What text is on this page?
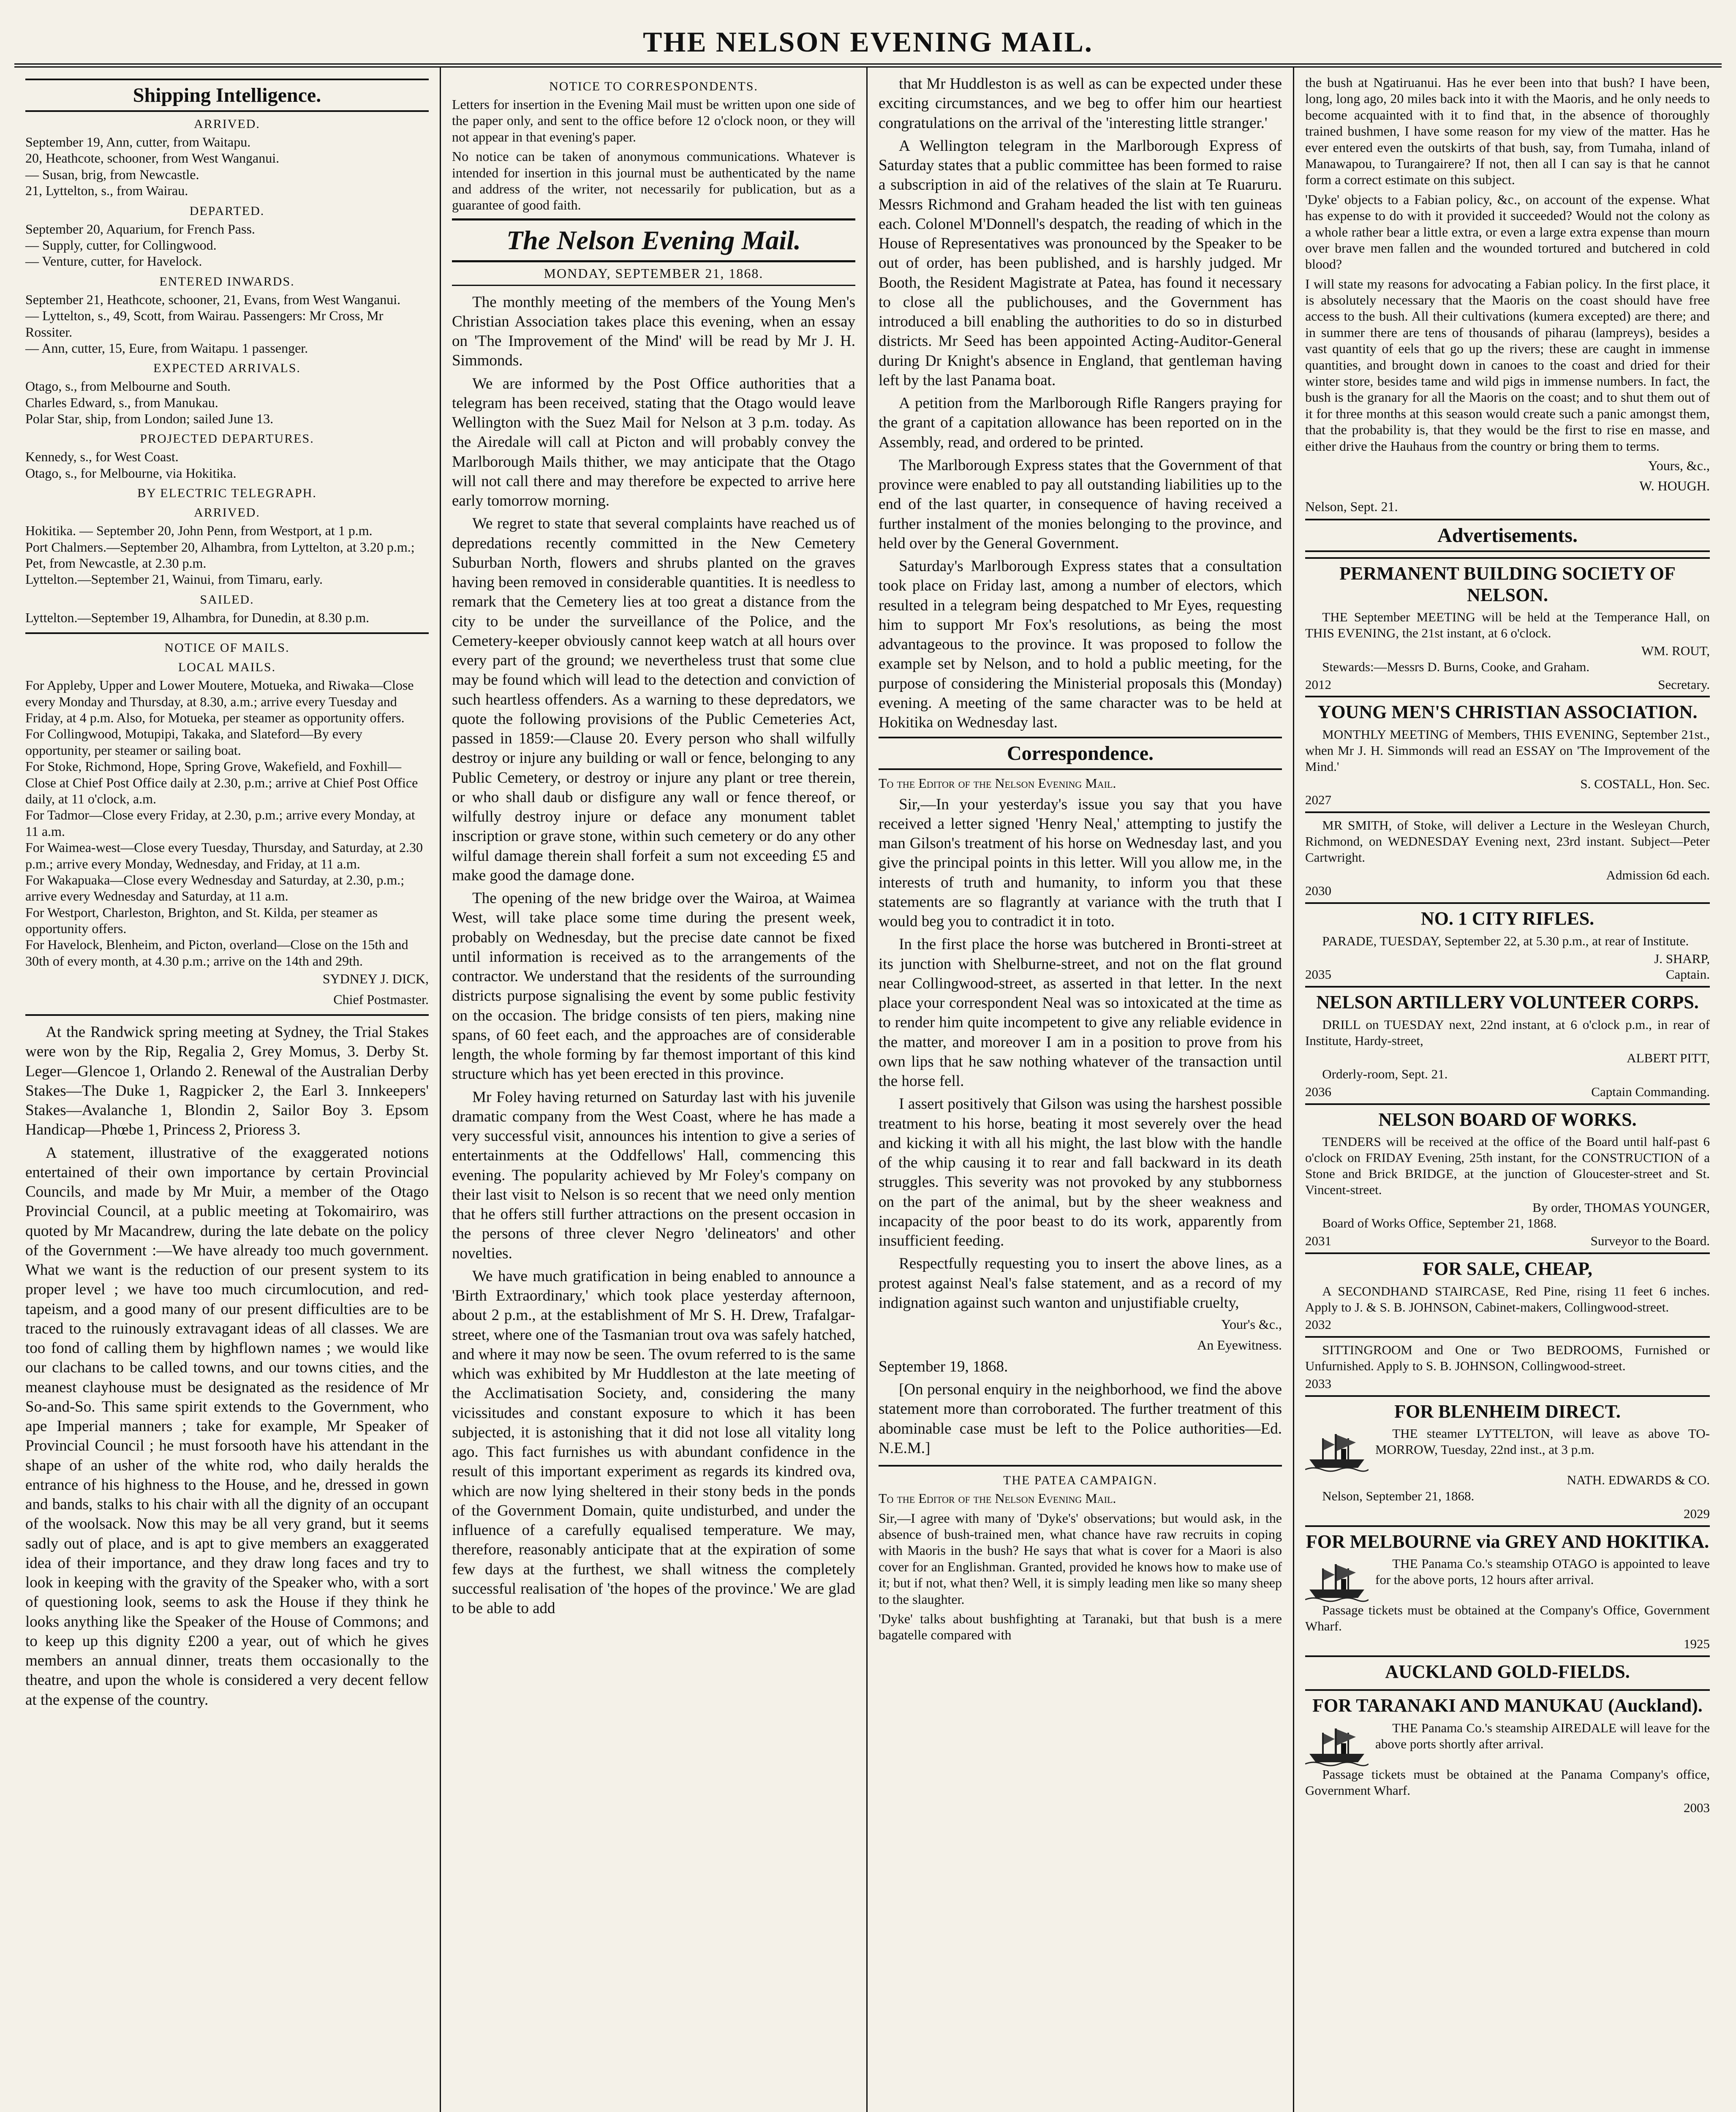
THE NELSON EVENING MAIL.
Shipping Intelligence.
ARRIVED.
September 19, Ann, cutter, from Waitapu.
20, Heathcote, schooner, from West Wanganui.
— Susan, brig, from Newcastle.
21, Lyttelton, s., from Wairau.
DEPARTED.
September 20, Aquarium, for French Pass.
— Supply, cutter, for Collingwood.
— Venture, cutter, for Havelock.
ENTERED INWARDS.
September 21, Heathcote, schooner, 21, Evans, from West Wanganui.
— Lyttelton, s., 49, Scott, from Wairau. Passengers: Mr Cross, Mr Rossiter.
— Ann, cutter, 15, Eure, from Waitapu. 1 passenger.
EXPECTED ARRIVALS.
Otago, s., from Melbourne and South.
Charles Edward, s., from Manukau.
Polar Star, ship, from London; sailed June 13.
PROJECTED DEPARTURES.
Kennedy, s., for West Coast.
Otago, s., for Melbourne, via Hokitika.
BY ELECTRIC TELEGRAPH.
ARRIVED.
Hokitika. — September 20, John Penn, from Westport, at 1 p.m.
Port Chalmers.—September 20, Alhambra, from Lyttelton, at 3.20 p.m.; Pet, from Newcastle, at 2.30 p.m.
Lyttelton.—September 21, Wainui, from Timaru, early.
SAILED.
Lyttelton.—September 19, Alhambra, for Dunedin, at 8.30 p.m.
NOTICE OF MAILS.
LOCAL MAILS.
For Appleby, Upper and Lower Moutere, Motueka, and Riwaka—Close every Monday and Thursday, at 8.30, a.m.; arrive every Tuesday and Friday, at 4 p.m. Also, for Motueka, per steamer as opportunity offers.
For Collingwood, Motupipi, Takaka, and Slateford—By every opportunity, per steamer or sailing boat.
For Stoke, Richmond, Hope, Spring Grove, Wakefield, and Foxhill—Close at Chief Post Office daily at 2.30, p.m.; arrive at Chief Post Office daily, at 11 o'clock, a.m.
For Tadmor—Close every Friday, at 2.30, p.m.; arrive every Monday, at 11 a.m.
For Waimea-west—Close every Tuesday, Thursday, and Saturday, at 2.30 p.m.; arrive every Monday, Wednesday, and Friday, at 11 a.m.
For Wakapuaka—Close every Wednesday and Saturday, at 2.30, p.m.; arrive every Wednesday and Saturday, at 11 a.m.
For Westport, Charleston, Brighton, and St. Kilda, per steamer as opportunity offers.
For Havelock, Blenheim, and Picton, overland—Close on the 15th and 30th of every month, at 4.30 p.m.; arrive on the 14th and 29th.
SYDNEY J. DICK,
Chief Postmaster.

At the Randwick spring meeting at Sydney, the Trial Stakes were won by the Rip, Regalia 2, Grey Momus, 3. Derby St. Leger—Glencoe 1, Orlando 2. Renewal of the Australian Derby Stakes—The Duke 1, Ragpicker 2, the Earl 3. Innkeepers' Stakes—Avalanche 1, Blondin 2, Sailor Boy 3. Epsom Handicap—Phœbe 1, Princess 2, Prioress 3.

A statement, illustrative of the exaggerated notions entertained of their own importance by certain Provincial Councils, and made by Mr Muir, a member of the Otago Provincial Council, at a public meeting at Tokomairiro, was quoted by Mr Macandrew, during the late debate on the policy of the Government :—We have already too much government. What we want is the reduction of our present system to its proper level ; we have too much circumlocution, and red-tapeism, and a good many of our present difficulties are to be traced to the ruinously extravagant ideas of all classes. We are too fond of calling them by highflown names ; we would like our clachans to be called towns, and our towns cities, and the meanest clayhouse must be designated as the residence of Mr So-and-So. This same spirit extends to the Government, who ape Imperial manners ; take for example, Mr Speaker of Provincial Council ; he must forsooth have his attendant in the shape of an usher of the white rod, who daily heralds the entrance of his highness to the House, and he, dressed in gown and bands, stalks to his chair with all the dignity of an occupant of the woolsack. Now this may be all very grand, but it seems sadly out of place, and is apt to give members an exaggerated idea of their importance, and they draw long faces and try to look in keeping with the gravity of the Speaker who, with a sort of questioning look, seems to ask the House if they think he looks anything like the Speaker of the House of Commons; and to keep up this dignity £200 a year, out of which he gives members an annual dinner, treats them occasionally to the theatre, and upon the whole is considered a very decent fellow at the expense of the country.

NOTICE TO CORRESPONDENTS.

Letters for insertion in the Evening Mail must be written upon one side of the paper only, and sent to the office before 12 o'clock noon, or they will not appear in that evening's paper.

No notice can be taken of anonymous communications. Whatever is intended for insertion in this journal must be authenticated by the name and address of the writer, not necessarily for publication, but as a guarantee of good faith.

The Nelson Evening Mail.
MONDAY, SEPTEMBER 21, 1868.

The monthly meeting of the members of the Young Men's Christian Association takes place this evening, when an essay on 'The Improvement of the Mind' will be read by Mr J. H. Simmonds.

We are informed by the Post Office authorities that a telegram has been received, stating that the Otago would leave Wellington with the Suez Mail for Nelson at 3 p.m. today. As the Airedale will call at Picton and will probably convey the Marlborough Mails thither, we may anticipate that the Otago will not call there and may therefore be expected to arrive here early tomorrow morning.

We regret to state that several complaints have reached us of depredations recently committed in the New Cemetery Suburban North, flowers and shrubs planted on the graves having been removed in considerable quantities. It is needless to remark that the Cemetery lies at too great a distance from the city to be under the surveillance of the Police, and the Cemetery-keeper obviously cannot keep watch at all hours over every part of the ground; we nevertheless trust that some clue may be found which will lead to the detection and conviction of such heartless offenders. As a warning to these depredators, we quote the following provisions of the Public Cemeteries Act, passed in 1859:—Clause 20. Every person who shall wilfully destroy or injure any building or wall or fence, belonging to any Public Cemetery, or destroy or injure any plant or tree therein, or who shall daub or disfigure any wall or fence thereof, or wilfully destroy injure or deface any monument tablet inscription or grave stone, within such cemetery or do any other wilful damage therein shall forfeit a sum not exceeding £5 and make good the damage done.

The opening of the new bridge over the Wairoa, at Waimea West, will take place some time during the present week, probably on Wednesday, but the precise date cannot be fixed until information is received as to the arrangements of the contractor. We understand that the residents of the surrounding districts purpose signalising the event by some public festivity on the occasion. The bridge consists of ten piers, making nine spans, of 60 feet each, and the approaches are of considerable length, the whole forming by far themost important of this kind structure which has yet been erected in this province.

Mr Foley having returned on Saturday last with his juvenile dramatic company from the West Coast, where he has made a very successful visit, announces his intention to give a series of entertainments at the Oddfellows' Hall, commencing this evening. The popularity achieved by Mr Foley's company on their last visit to Nelson is so recent that we need only mention that he offers still further attractions on the present occasion in the persons of three clever Negro 'delineators' and other novelties.

We have much gratification in being enabled to announce a 'Birth Extraordinary,' which took place yesterday afternoon, about 2 p.m., at the establishment of Mr S. H. Drew, Trafalgar-street, where one of the Tasmanian trout ova was safely hatched, and where it may now be seen. The ovum referred to is the same which was exhibited by Mr Huddleston at the late meeting of the Acclimatisation Society, and, considering the many vicissitudes and constant exposure to which it has been subjected, it is astonishing that it did not lose all vitality long ago. This fact furnishes us with abundant confidence in the result of this important experiment as regards its kindred ova, which are now lying sheltered in their stony beds in the ponds of the Government Domain, quite undisturbed, and under the influence of a carefully equalised temperature. We may, therefore, reasonably anticipate that at the expiration of some few days at the furthest, we shall witness the completely successful realisation of 'the hopes of the province.' We are glad to be able to add

that Mr Huddleston is as well as can be expected under these exciting circumstances, and we beg to offer him our heartiest congratulations on the arrival of the 'interesting little stranger.'

A Wellington telegram in the Marlborough Express of Saturday states that a public committee has been formed to raise a subscription in aid of the relatives of the slain at Te Ruaruru. Messrs Richmond and Graham headed the list with ten guineas each. Colonel M'Donnell's despatch, the reading of which in the House of Representatives was pronounced by the Speaker to be out of order, has been published, and is harshly judged. Mr Booth, the Resident Magistrate at Patea, has found it necessary to close all the publichouses, and the Government has introduced a bill enabling the authorities to do so in disturbed districts. Mr Seed has been appointed Acting-Auditor-General during Dr Knight's absence in England, that gentleman having left by the last Panama boat.

A petition from the Marlborough Rifle Rangers praying for the grant of a capitation allowance has been reported on in the Assembly, read, and ordered to be printed.

The Marlborough Express states that the Government of that province were enabled to pay all outstanding liabilities up to the end of the last quarter, in consequence of having received a further instalment of the monies belonging to the province, and held over by the General Government.

Saturday's Marlborough Express states that a consultation took place on Friday last, among a number of electors, which resulted in a telegram being despatched to Mr Eyes, requesting him to support Mr Fox's resolutions, as being the most advantageous to the province. It was proposed to follow the example set by Nelson, and to hold a public meeting, for the purpose of considering the Ministerial proposals this (Monday) evening. A meeting of the same character was to be held at Hokitika on Wednesday last.

Correspondence.

To the Editor of the Nelson Evening Mail.

Sir,—In your yesterday's issue you say that you have received a letter signed 'Henry Neal,' attempting to justify the man Gilson's treatment of his horse on Wednesday last, and you give the principal points in this letter. Will you allow me, in the interests of truth and humanity, to inform you that these statements are so flagrantly at variance with the truth that I would beg you to contradict it in toto.

In the first place the horse was butchered in Bronti-street at its junction with Shelburne-street, and not on the flat ground near Collingwood-street, as asserted in that letter. In the next place your correspondent Neal was so intoxicated at the time as to render him quite incompetent to give any reliable evidence in the matter, and moreover I am in a position to prove from his own lips that he saw nothing whatever of the transaction until the horse fell.

I assert positively that Gilson was using the harshest possible treatment to his horse, beating it most severely over the head and kicking it with all his might, the last blow with the handle of the whip causing it to rear and fall backward in its death struggles. This severity was not provoked by any stubborness on the part of the animal, but by the sheer weakness and incapacity of the poor beast to do its work, apparently from insufficient feeding.

Respectfully requesting you to insert the above lines, as a protest against Neal's false statement, and as a record of my indignation against such wanton and unjustifiable cruelty,

Your's &c.,
An Eyewitness.

September 19, 1868.

[On personal enquiry in the neighborhood, we find the above statement more than corroborated. The further treatment of this abominable case must be left to the Police authorities—Ed. N.E.M.]

THE PATEA CAMPAIGN.

To the Editor of the Nelson Evening Mail.

Sir,—I agree with many of 'Dyke's' observations; but would ask, in the absence of bush-trained men, what chance have raw recruits in coping with Maoris in the bush? He says that what is cover for a Maori is also cover for an Englishman. Granted, provided he knows how to make use of it; but if not, what then? Well, it is simply leading men like so many sheep to the slaughter.

'Dyke' talks about bushfighting at Taranaki, but that bush is a mere bagatelle compared with

the bush at Ngatiruanui. Has he ever been into that bush? I have been, long, long ago, 20 miles back into it with the Maoris, and he only needs to become acquainted with it to find that, in the absence of thoroughly trained bushmen, I have some reason for my view of the matter. Has he ever entered even the outskirts of that bush, say, from Tumaha, inland of Manawapou, to Turangairere? If not, then all I can say is that he cannot form a correct estimate on this subject.

'Dyke' objects to a Fabian policy, &c., on account of the expense. What has expense to do with it provided it succeeded? Would not the colony as a whole rather bear a little extra, or even a large extra expense than mourn over brave men fallen and the wounded tortured and butchered in cold blood?

I will state my reasons for advocating a Fabian policy. In the first place, it is absolutely necessary that the Maoris on the coast should have free access to the bush. All their cultivations (kumera excepted) are there; and in summer there are tens of thousands of piharau (lampreys), besides a vast quantity of eels that go up the rivers; these are caught in immense quantities, and brought down in canoes to the coast and dried for their winter store, besides tame and wild pigs in immense numbers. In fact, the bush is the granary for all the Maoris on the coast; and to shut them out of it for three months at this season would create such a panic amongst them, that the probability is, that they would be the first to rise en masse, and either drive the Hauhaus from the country or bring them to terms.

Yours, &c.,
W. HOUGH.

Nelson, Sept. 21.

Advertisements.
PERMANENT BUILDING SOCIETY OF NELSON.

THE September MEETING will be held at the Temperance Hall, on THIS EVENING, the 21st instant, at 6 o'clock.

WM. ROUT,

Stewards:—Messrs D. Burns, Cooke, and Graham.

2012	Secretary.
YOUNG MEN'S CHRISTIAN ASSOCIATION.

MONTHLY MEETING of Members, THIS EVENING, September 21st., when Mr J. H. Simmonds will read an ESSAY on 'The Improvement of the Mind.'

S. COSTALL, Hon. Sec.

2027

MR SMITH, of Stoke, will deliver a Lecture in the Wesleyan Church, Richmond, on WEDNESDAY Evening next, 23rd instant. Subject—Peter Cartwright.

Admission 6d each.

2030
NO. 1 CITY RIFLES.

PARADE, TUESDAY, September 22, at 5.30 p.m., at rear of Institute.

J. SHARP,

2035	Captain.
NELSON ARTILLERY VOLUNTEER CORPS.

DRILL on TUESDAY next, 22nd instant, at 6 o'clock p.m., in rear of Institute, Hardy-street,

ALBERT PITT,

Orderly-room, Sept. 21.

2036	Captain Commanding.
NELSON BOARD OF WORKS.

TENDERS will be received at the office of the Board until half-past 6 o'clock on FRIDAY Evening, 25th instant, for the CONSTRUCTION of a Stone and Brick BRIDGE, at the junction of Gloucester-street and St. Vincent-street.

By order, THOMAS YOUNGER,

Board of Works Office, September 21, 1868.

2031	Surveyor to the Board.
FOR SALE, CHEAP,

A SECONDHAND STAIRCASE, Red Pine, rising 11 feet 6 inches. Apply to J. & S. B. JOHNSON, Cabinet-makers, Collingwood-street.

2032

SITTINGROOM and One or Two BEDROOMS, Furnished or Unfurnished. Apply to S. B. JOHNSON, Collingwood-street.

2033
FOR BLENHEIM DIRECT.

THE steamer LYTTELTON, will leave as above TO-MORROW, Tuesday, 22nd inst., at 3 p.m.

NATH. EDWARDS & CO.

Nelson, September 21, 1868.

2029
FOR MELBOURNE via GREY AND HOKITIKA.

THE Panama Co.'s steamship OTAGO is appointed to leave for the above ports, 12 hours after arrival.

Passage tickets must be obtained at the Company's Office, Government Wharf.

1925
AUCKLAND GOLD-FIELDS.
FOR TARANAKI AND MANUKAU (Auckland).

THE Panama Co.'s steamship AIREDALE will leave for the above ports shortly after arrival.

Passage tickets must be obtained at the Panama Company's office, Government Wharf.

2003
